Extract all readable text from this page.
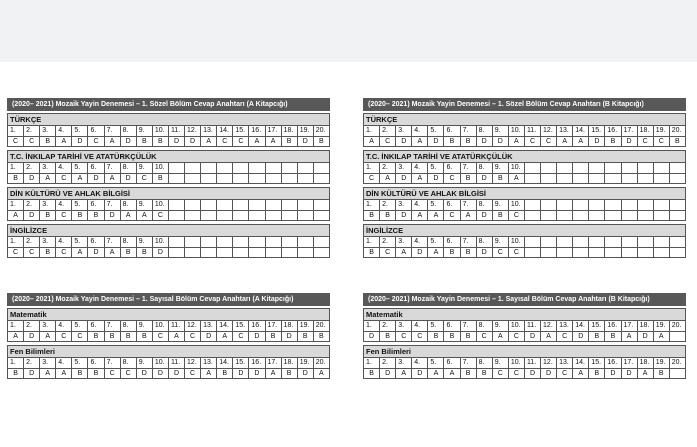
(2020– 2021) Mozaik Yayin Denemesi – 1. Sözel Bölüm Cevap Anahtarı (A Kitapcığı)
TÜRKÇE
1.	2.	3.	4.	5.	6.	7.	8.	9.	10. 11. 12. 13. 14. 15. 16. 17. 18. 19. 20.
C	C	B	A	D	C	A	D	B	B	D	D	A	C	C	A	A	B	D	B
T.C. İNKILAP TARİHİ VE ATATÜRKÇÜLÜK
1.	2.	3.	4.	5.	6.	7.	8.	9.	10.
B	D	A	C	A	D	A	D	C	B
DİN KÜLTÜRÜ VE AHLAK BİLGİSİ
1.	2.	3.	4.	5.	6.	7.	8.	9.	10.
A	D	B	C	B	B	D	A	A	C
İNGİLİZCE
1.	2.	3.	4.	5.	6.	7.	8.	9.	10.
C	C	B	C	A	D	A	B	B	D
(2020– 2021) Mozaik Yayin Denemesi – 1. Sözel Bölüm Cevap Anahtarı (B Kitapcığı)
TÜRKÇE
1.	2.	3.	4.	5.	6.	7.	8.	9.	10. 11. 12. 13. 14. 15. 16. 17. 18. 19. 20.
A	C	D	A	D	B	B	D	D	A	C	C	A	A	D	B	D	C	C	B
T.C. İNKILAP TARİHİ VE ATATÜRKÇÜLÜK
1.	2.	3.	4.	5.	6.	7.	8.	9.	10.
C	A	D	A	D	C	B	D	B	A
DİN KÜLTÜRÜ VE AHLAK BİLGİSİ
1.	2.	3.	4.	5.	6.	7.	8.	9.	10.
B	B	D	A	A	C	A	D	B	C
İNGİLİZCE
1.	2.	3.	4.	5.	6.	7.	8.	9.	10.
B	C	A	D	A	B	B	D	C	C
(2020– 2021) Mozaik Yayin Denemesi – 1. Sayısal Bölüm Cevap Anahtarı (A Kitapcığı)
Matematik
1.	2.	3.	4.	5.	6.	7.	8.	9.	10. 11. 12. 13. 14. 15. 16. 17. 18. 19. 20.
A	D	A	C	C	B	B	B	B	C	A	C	D	A	C	D	B	D	B	B
Fen Bilimleri
1.	2.	3.	4.	5.	6.	7.	8.	9.	10. 11. 12. 13. 14. 15. 16. 17. 18. 19. 20.
B	D	A	A	B	B	C	C	D	D	D	C	A	B	D	D	A	B	D	A
(2020– 2021) Mozaik Yayin Denemesi – 1. Sayısal Bölüm Cevap Anahtarı (B Kitapcığı)
Matematik
1.	2.	3.	4.	5.	6.	7.	8.	9.	10. 11. 12. 13. 14. 15. 16. 17. 18. 19. 20.
D	B	C	C	B	B	B	C	A	C	D	A	C	D	B	B	A	D	A
Fen Bilimleri
1.	2.	3.	4.	5.	6.	7.	8.	9.	10. 11. 12. 13. 14. 15. 16. 17. 18. 19. 20.
B	D	A	D	A	A	B	B	C	C	D	D	C	A	B	D	D	A	B
